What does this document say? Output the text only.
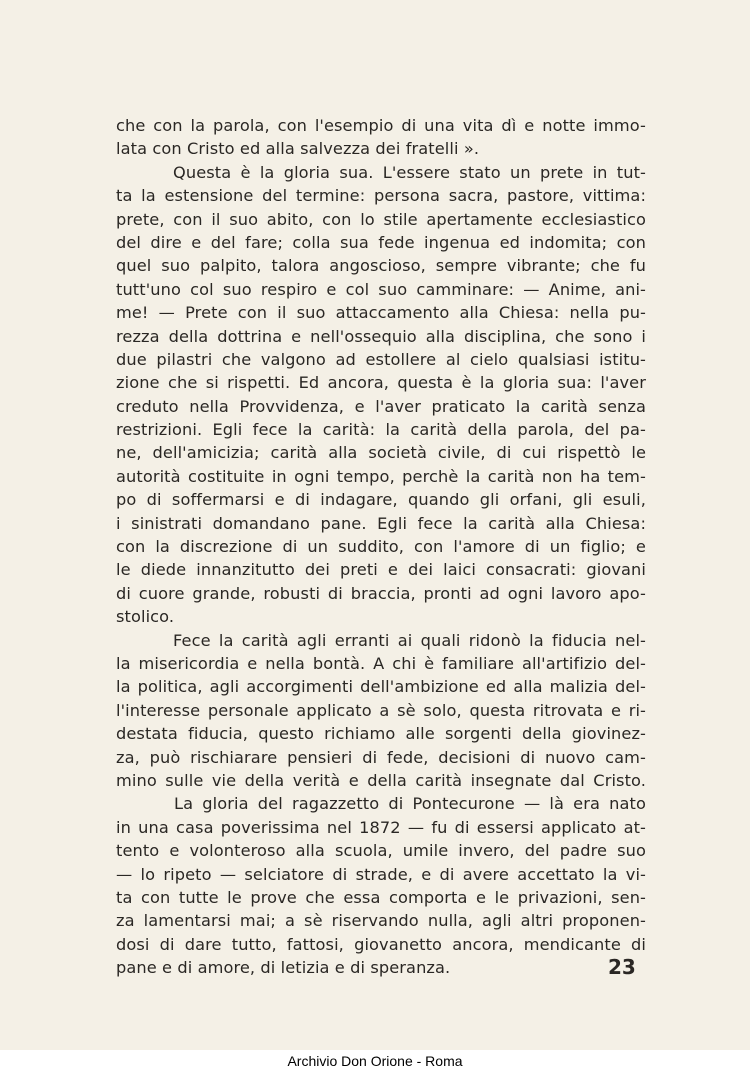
che con la parola, con l'esempio di una vita dì e notte immo-
lata con Cristo ed alla salvezza dei fratelli ».
Questa è la gloria sua. L'essere stato un prete in tut-
ta la estensione del termine: persona sacra, pastore, vittima:
prete, con il suo abito, con lo stile apertamente ecclesiastico
del dire e del fare; colla sua fede ingenua ed indomita; con
quel suo palpito, talora angoscioso, sempre vibrante; che fu
tutt'uno col suo respiro e col suo camminare: — Anime, ani-
me! — Prete con il suo attaccamento alla Chiesa: nella pu-
rezza della dottrina e nell'ossequio alla disciplina, che sono i
due pilastri che valgono ad estollere al cielo qualsiasi istitu-
zione che si rispetti. Ed ancora, questa è la gloria sua: l'aver
creduto nella Provvidenza, e l'aver praticato la carità senza
restrizioni. Egli fece la carità: la carità della parola, del pa-
ne, dell'amicizia; carità alla società civile, di cui rispettò le
autorità costituite in ogni tempo, perchè la carità non ha tem-
po di soffermarsi e di indagare, quando gli orfani, gli esuli,
i sinistrati domandano pane. Egli fece la carità alla Chiesa:
con la discrezione di un suddito, con l'amore di un figlio; e
le diede innanzitutto dei preti e dei laici consacrati: giovani
di cuore grande, robusti di braccia, pronti ad ogni lavoro apo-
stolico.
Fece la carità agli erranti ai quali ridonò la fiducia nel-
la misericordia e nella bontà. A chi è familiare all'artifizio del-
la politica, agli accorgimenti dell'ambizione ed alla malizia del-
l'interesse personale applicato a sè solo, questa ritrovata e ri-
destata fiducia, questo richiamo alle sorgenti della giovinez-
za, può rischiarare pensieri di fede, decisioni di nuovo cam-
mino sulle vie della verità e della carità insegnate dal Cristo.
La gloria del ragazzetto di Pontecurone — là era nato
in una casa poverissima nel 1872 — fu di essersi applicato at-
tento e volonteroso alla scuola, umile invero, del padre suo
— lo ripeto — selciatore di strade, e di avere accettato la vi-
ta con tutte le prove che essa comporta e le privazioni, sen-
za lamentarsi mai; a sè riservando nulla, agli altri proponen-
dosi di dare tutto, fattosi, giovanetto ancora, mendicante di
pane e di amore, di letizia e di speranza.	23
Archivio Don Orione - Roma
